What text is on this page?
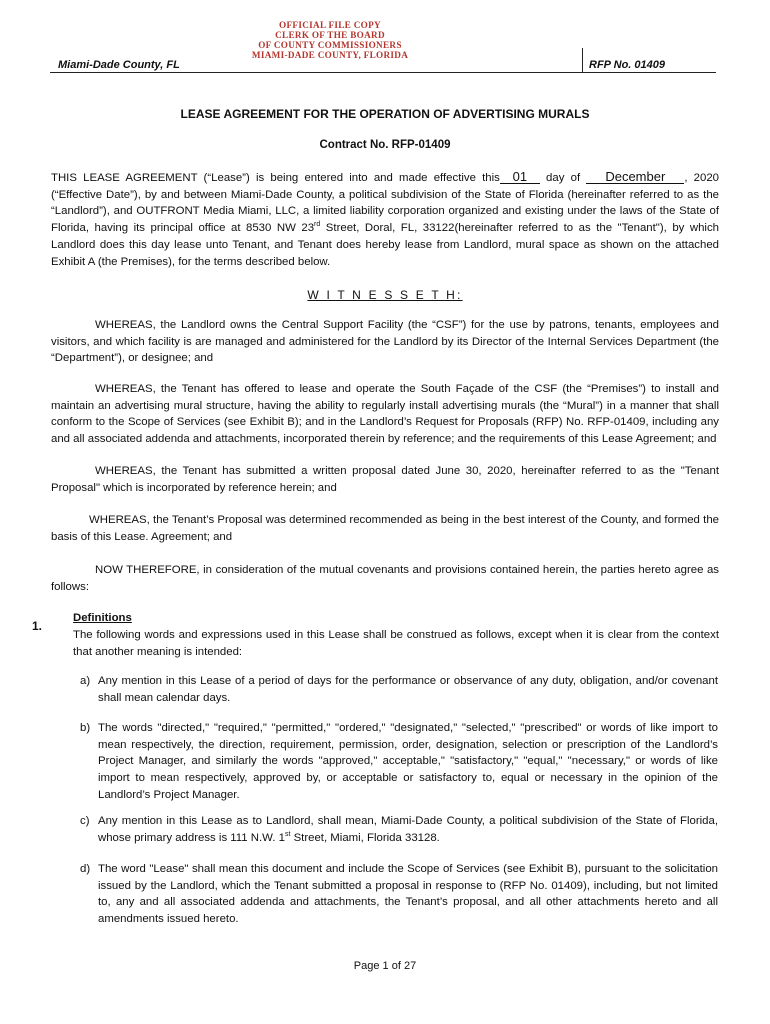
OFFICIAL FILE COPY
CLERK OF THE BOARD
OF COUNTY COMMISSIONERS
MIAMI-DADE COUNTY, FLORIDA
Miami-Dade County, FL	RFP No. 01409
LEASE AGREEMENT FOR THE OPERATION OF ADVERTISING MURALS
Contract No. RFP-01409
THIS LEASE AGREEMENT (“Lease”) is being entered into and made effective this 01 day of December , 2020 (“Effective Date”), by and between Miami-Dade County, a political subdivision of the State of Florida (hereinafter referred to as the “Landlord”), and OUTFRONT Media Miami, LLC, a limited liability corporation organized and existing under the laws of the State of Florida, having its principal office at 8530 NW 23rd Street, Doral, FL, 33122(hereinafter referred to as the "Tenant"), by which Landlord does this day lease unto Tenant, and Tenant does hereby lease from Landlord, mural space as shown on the attached Exhibit A (the Premises), for the terms described below.
W I T N E S S E T H:
WHEREAS, the Landlord owns the Central Support Facility (the “CSF”) for the use by patrons, tenants, employees and visitors, and which facility is are managed and administered for the Landlord by its Director of the Internal Services Department (the “Department”), or designee; and
WHEREAS, the Tenant has offered to lease and operate the South Façade of the CSF (the “Premises”) to install and maintain an advertising mural structure, having the ability to regularly install advertising murals (the “Mural”) in a manner that shall conform to the Scope of Services (see Exhibit B); and in the Landlord’s Request for Proposals (RFP) No. RFP-01409, including any and all associated addenda and attachments, incorporated therein by reference; and the requirements of this Lease Agreement; and
WHEREAS, the Tenant has submitted a written proposal dated June 30, 2020, hereinafter referred to as the "Tenant Proposal" which is incorporated by reference herein; and
WHEREAS, the Tenant’s Proposal was determined recommended as being in the best interest of the County, and formed the basis of this Lease. Agreement; and
NOW THEREFORE, in consideration of the mutual covenants and provisions contained herein, the parties hereto agree as follows:
1.
Definitions
The following words and expressions used in this Lease shall be construed as follows, except when it is clear from the context that another meaning is intended:
a) Any mention in this Lease of a period of days for the performance or observance of any duty, obligation, and/or covenant shall mean calendar days.
b) The words "directed," "required," "permitted," "ordered," "designated," "selected," "prescribed" or words of like import to mean respectively, the direction, requirement, permission, order, designation, selection or prescription of the Landlord’s Project Manager, and similarly the words "approved," acceptable," "satisfactory," "equal," "necessary," or words of like import to mean respectively, approved by, or acceptable or satisfactory to, equal or necessary in the opinion of the Landlord’s Project Manager.
c) Any mention in this Lease as to Landlord, shall mean, Miami-Dade County, a political subdivision of the State of Florida, whose primary address is 111 N.W. 1st Street, Miami, Florida 33128.
d) The word "Lease" shall mean this document and include the Scope of Services (see Exhibit B), pursuant to the solicitation issued by the Landlord, which the Tenant submitted a proposal in response to (RFP No. 01409), including, but not limited to, any and all associated addenda and attachments, the Tenant’s proposal, and all other attachments hereto and all amendments issued hereto.
Page 1 of 27
